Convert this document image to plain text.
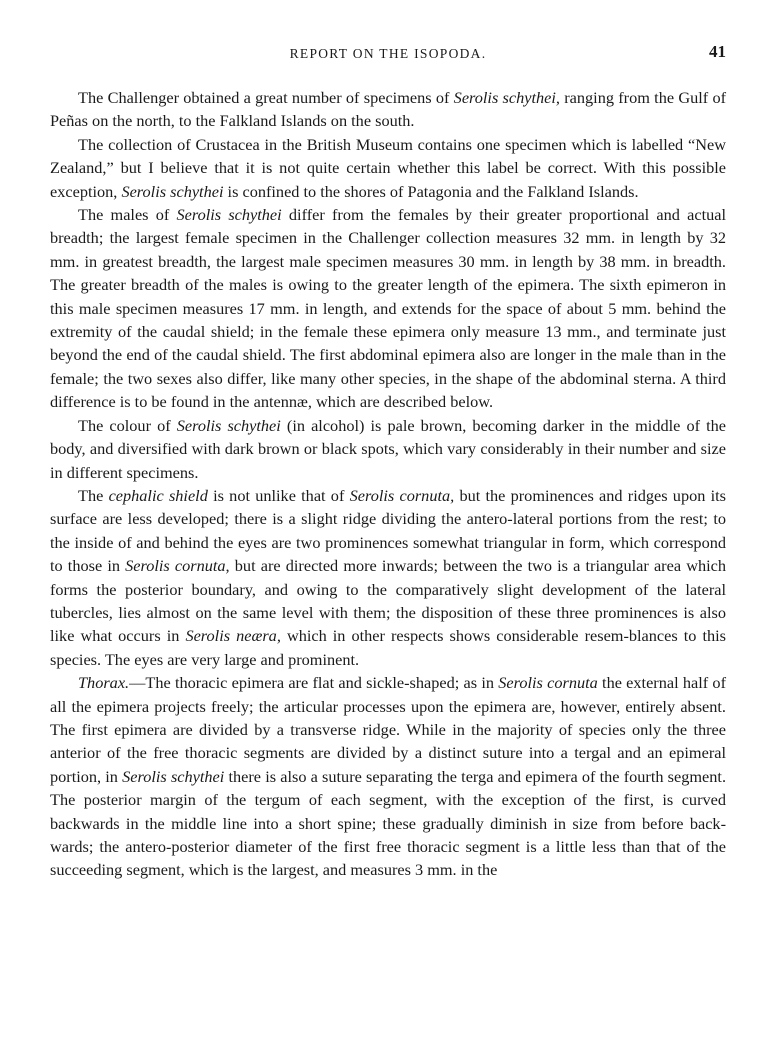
REPORT ON THE ISOPODA.	41

The Challenger obtained a great number of specimens of Serolis schythei, ranging from the Gulf of Peñas on the north, to the Falkland Islands on the south.

The collection of Crustacea in the British Museum contains one specimen which is labelled “New Zealand,” but I believe that it is not quite certain whether this label be correct. With this possible exception, Serolis schythei is confined to the shores of Patagonia and the Falkland Islands.

The males of Serolis schythei differ from the females by their greater proportional and actual breadth; the largest female specimen in the Challenger collection measures 32 mm. in length by 32 mm. in greatest breadth, the largest male specimen measures 30 mm. in length by 38 mm. in breadth. The greater breadth of the males is owing to the greater length of the epimera. The sixth epimeron in this male specimen measures 17 mm. in length, and extends for the space of about 5 mm. behind the extremity of the caudal shield; in the female these epimera only measure 13 mm., and terminate just beyond the end of the caudal shield. The first abdominal epimera also are longer in the male than in the female; the two sexes also differ, like many other species, in the shape of the abdominal sterna. A third difference is to be found in the antennæ, which are described below.

The colour of Serolis schythei (in alcohol) is pale brown, becoming darker in the middle of the body, and diversified with dark brown or black spots, which vary considerably in their number and size in different specimens.

The cephalic shield is not unlike that of Serolis cornuta, but the prominences and ridges upon its surface are less developed; there is a slight ridge dividing the antero-lateral portions from the rest; to the inside of and behind the eyes are two prominences somewhat triangular in form, which correspond to those in Serolis cornuta, but are directed more inwards; between the two is a triangular area which forms the posterior boundary, and owing to the comparatively slight development of the lateral tubercles, lies almost on the same level with them; the disposition of these three prominences is also like what occurs in Serolis neæra, which in other respects shows considerable resem-blances to this species. The eyes are very large and prominent.

Thorax.—The thoracic epimera are flat and sickle-shaped; as in Serolis cornuta the external half of all the epimera projects freely; the articular processes upon the epimera are, however, entirely absent. The first epimera are divided by a transverse ridge. While in the majority of species only the three anterior of the free thoracic segments are divided by a distinct suture into a tergal and an epimeral portion, in Serolis schythei there is also a suture separating the terga and epimera of the fourth segment. The posterior margin of the tergum of each segment, with the exception of the first, is curved backwards in the middle line into a short spine; these gradually diminish in size from before back-wards; the antero-posterior diameter of the first free thoracic segment is a little less than that of the succeeding segment, which is the largest, and measures 3 mm. in the
